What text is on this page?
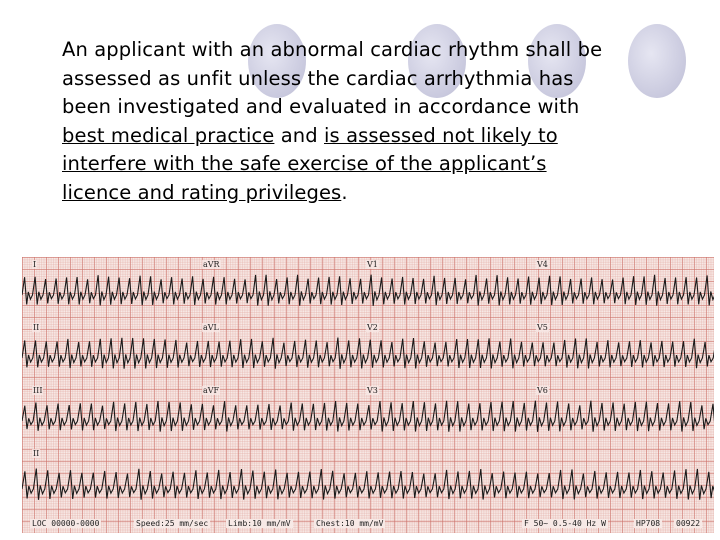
An applicant with an abnormal cardiac rhythm shall be assessed as unfit unless the cardiac arrhythmia has been investigated and evaluated in accordance with best medical practice and is assessed not likely to interfere with the safe exercise of the applicant’s licence and rating privileges.
I	aVR	V1	V4
II	aVL	V2	V5
III	aVF	V3	V6
II
LOC 00000-0000	Speed:25 mm/sec Limb:10 mm/mV	Chest:10 mm/mV	F 50~ 0.5-40 Hz W	HP708 00922
